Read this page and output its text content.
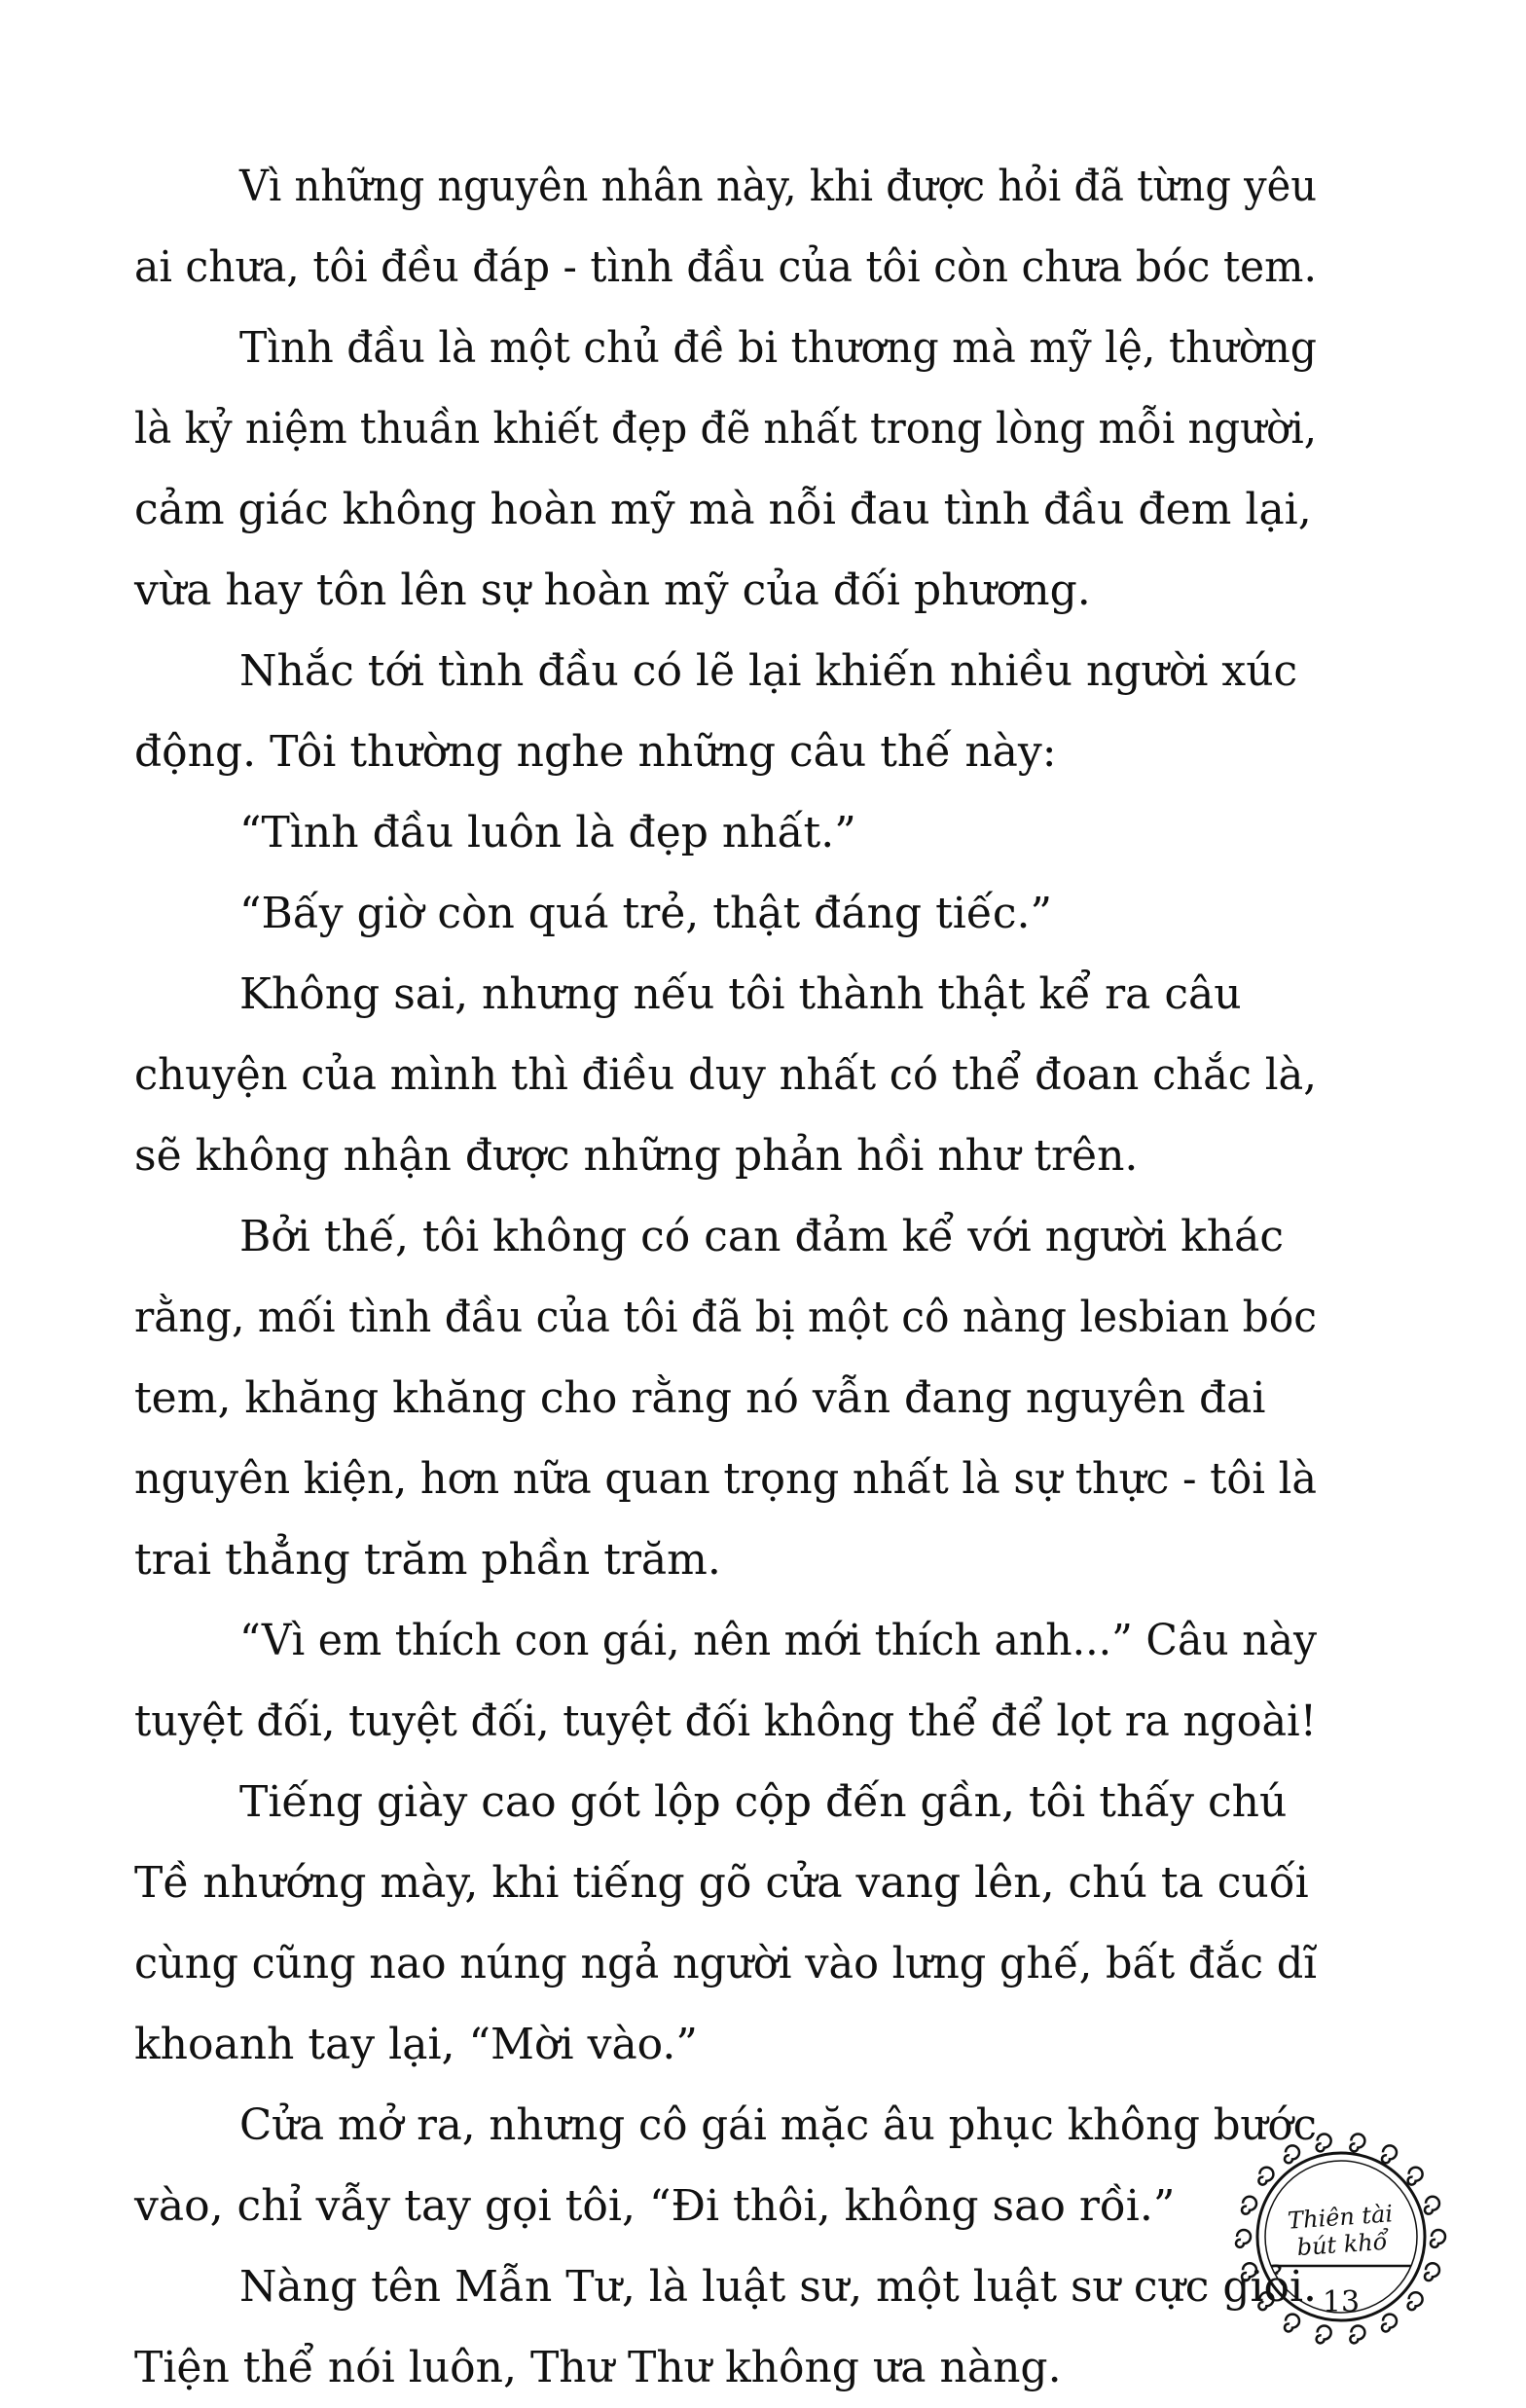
Vì những nguyên nhân này, khi được hỏi đã từng yêu
ai chưa, tôi đều đáp - tình đầu của tôi còn chưa bóc tem.
Tình đầu là một chủ đề bi thương mà mỹ lệ, thường
là kỷ niệm thuần khiết đẹp đẽ nhất trong lòng mỗi người,
cảm giác không hoàn mỹ mà nỗi đau tình đầu đem lại,
vừa hay tôn lên sự hoàn mỹ của đối phương.
Nhắc tới tình đầu có lẽ lại khiến nhiều người xúc
động. Tôi thường nghe những câu thế này:
“Tình đầu luôn là đẹp nhất.”
“Bấy giờ còn quá trẻ, thật đáng tiếc.”
Không sai, nhưng nếu tôi thành thật kể ra câu
chuyện của mình thì điều duy nhất có thể đoan chắc là,
sẽ không nhận được những phản hồi như trên.
Bởi thế, tôi không có can đảm kể với người khác
rằng, mối tình đầu của tôi đã bị một cô nàng lesbian bóc
tem, khăng khăng cho rằng nó vẫn đang nguyên đai
nguyên kiện, hơn nữa quan trọng nhất là sự thực - tôi là
trai thẳng trăm phần trăm.
“Vì em thích con gái, nên mới thích anh...” Câu này
tuyệt đối, tuyệt đối, tuyệt đối không thể để lọt ra ngoài!
Tiếng giày cao gót lộp cộp đến gần, tôi thấy chú
Tề nhướng mày, khi tiếng gõ cửa vang lên, chú ta cuối
cùng cũng nao núng ngả người vào lưng ghế, bất đắc dĩ
khoanh tay lại, “Mời vào.”
Cửa mở ra, nhưng cô gái mặc âu phục không bước
vào, chỉ vẫy tay gọi tôi, “Đi thôi, không sao rồi.”
Nàng tên Mẫn Tư, là luật sư, một luật sư cực giỏi.
Tiện thể nói luôn, Thư Thư không ưa nàng.
Thiên tài
bút khổ
13
